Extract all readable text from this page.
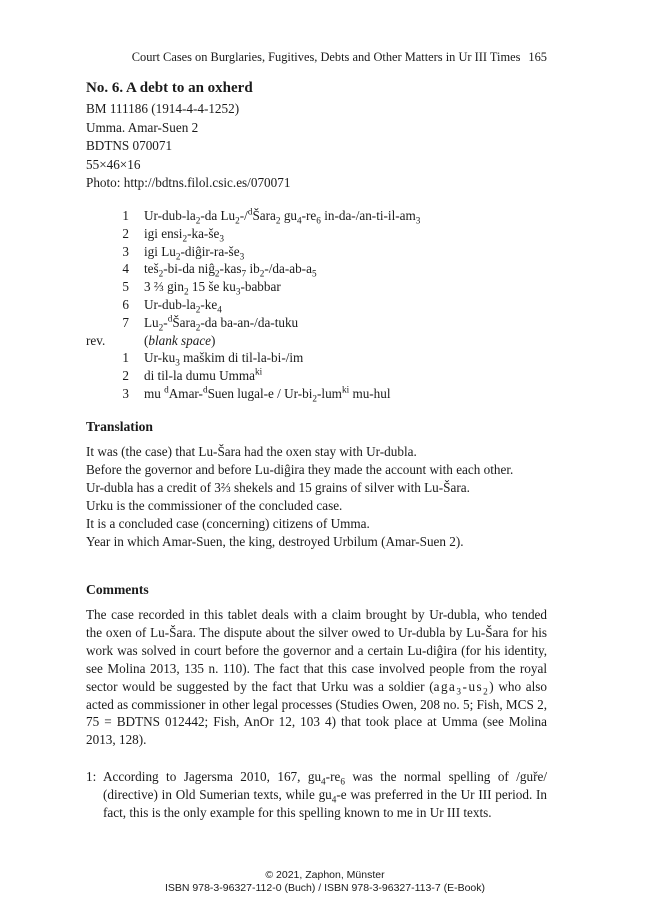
Court Cases on Burglaries, Fugitives, Debts and Other Matters in Ur III Times 165
No. 6. A debt to an oxherd
BM 111186 (1914-4-4-1252)
Umma. Amar-Suen 2
BDTNS 070071
55×46×16
Photo: http://bdtns.filol.csic.es/070071
1 $Ur-dub-la_2-da$ $Lu_2-/^dŠara_2$ $gu_4-re_6$ $in-da-/an-ti-il-am_3$
2 igi $ensi_2-ka-še_3$
3 igi $Lu_2-diĝir-ra-še_3$
4 teš$_2$-bi-da niĝ$_2$-kas$_7$ $ib_2-/da-ab-a_5$
5 3 ⅔ gin$_2$ 15 še $ku_3$-babbar
6 $Ur-dub-la_2-ke_4$
7 $Lu_2-^dŠara_2-da$ ba-an-/da-tuku
rev.	(blank space)
1 $Ur-ku_3$ maškim di til-la-bi-/im
2 di til-la dumu Umma$^{ki}$
3 mu $^d$Amar-$^d$Suen lugal-e / $Ur-bi_2-lum^{ki}$ mu-hul
Translation
It was (the case) that Lu-Šara had the oxen stay with Ur-dubla.
Before the governor and before Lu-diĝira they made the account with each other.
Ur-dubla has a credit of 3⅔ shekels and 15 grains of silver with Lu-Šara.
Urku is the commissioner of the concluded case.
It is a concluded case (concerning) citizens of Umma.
Year in which Amar-Suen, the king, destroyed Urbilum (Amar-Suen 2).
Comments
The case recorded in this tablet deals with a claim brought by Ur-dubla, who tended the oxen of Lu-Šara. The dispute about the silver owed to Ur-dubla by Lu-Šara for his work was solved in court before the governor and a certain Lu-diĝira (for his identity, see Molina 2013, 135 n. 110). The fact that this case involved people from the royal sector would be suggested by the fact that Urku was a soldier $(aga_3-us_2)$ who also acted as commissioner in other legal processes (Studies Owen, 208 no. 5; Fish, MCS 2, 75 = BDTNS 012442; Fish, AnOr 12, 103 4) that took place at Umma (see Molina 2013, 128).
1: According to Jagersma 2010, 167, $gu_4-re_6$ was the normal spelling of /guře/ (directive) in Old Sumerian texts, while $gu_4-e$ was preferred in the Ur III period. In fact, this is the only example for this spelling known to me in Ur III texts.
© 2021, Zaphon, Münster
ISBN 978-3-96327-112-0 (Buch) / ISBN 978-3-96327-113-7 (E-Book)
